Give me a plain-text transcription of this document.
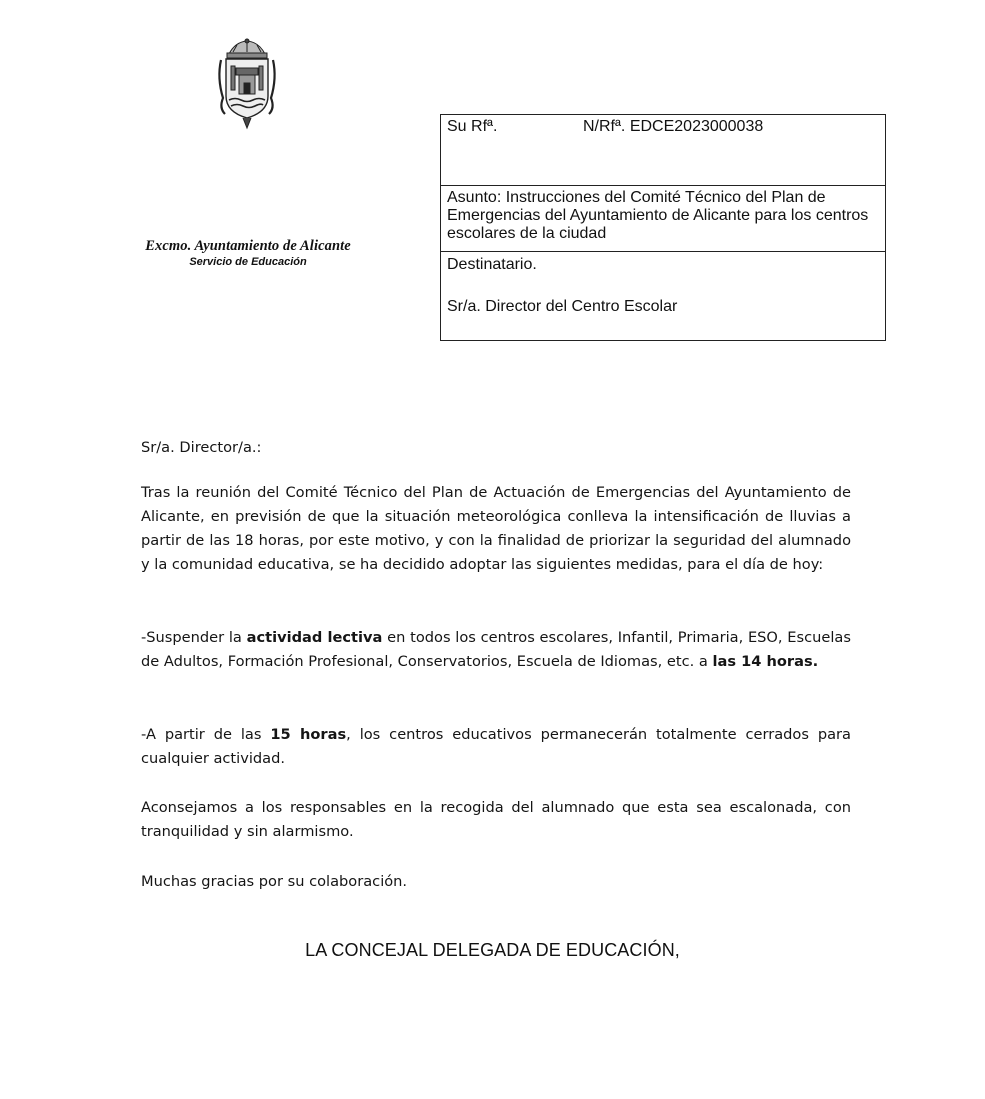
Excmo. Ayuntamiento de Alicante
Servicio de Educación
Su Rfª.	N/Rfª. EDCE2023000038
Asunto: Instrucciones del Comité Técnico del Plan de Emergencias del Ayuntamiento de Alicante para los centros escolares de la ciudad
Destinatario.
Sr/a. Director del Centro Escolar

Sr/a. Director/a.:

Tras la reunión del Comité Técnico del Plan de Actuación de Emergencias del Ayuntamiento de Alicante, en previsión de que la situación meteorológica conlleva la intensificación de lluvias a partir de las 18 horas, por este motivo, y con la finalidad de priorizar la seguridad del alumnado y la comunidad educativa, se ha decidido adoptar las siguientes medidas, para el día de hoy:

-Suspender la actividad lectiva en todos los centros escolares, Infantil, Primaria, ESO, Escuelas de Adultos, Formación Profesional, Conservatorios, Escuela de Idiomas, etc. a las 14 horas.

-A partir de las 15 horas, los centros educativos permanecerán totalmente cerrados para cualquier actividad.

Aconsejamos a los responsables en la recogida del alumnado que esta sea escalonada, con tranquilidad y sin alarmismo.

Muchas gracias por su colaboración.

LA CONCEJAL DELEGADA DE EDUCACIÓN,
